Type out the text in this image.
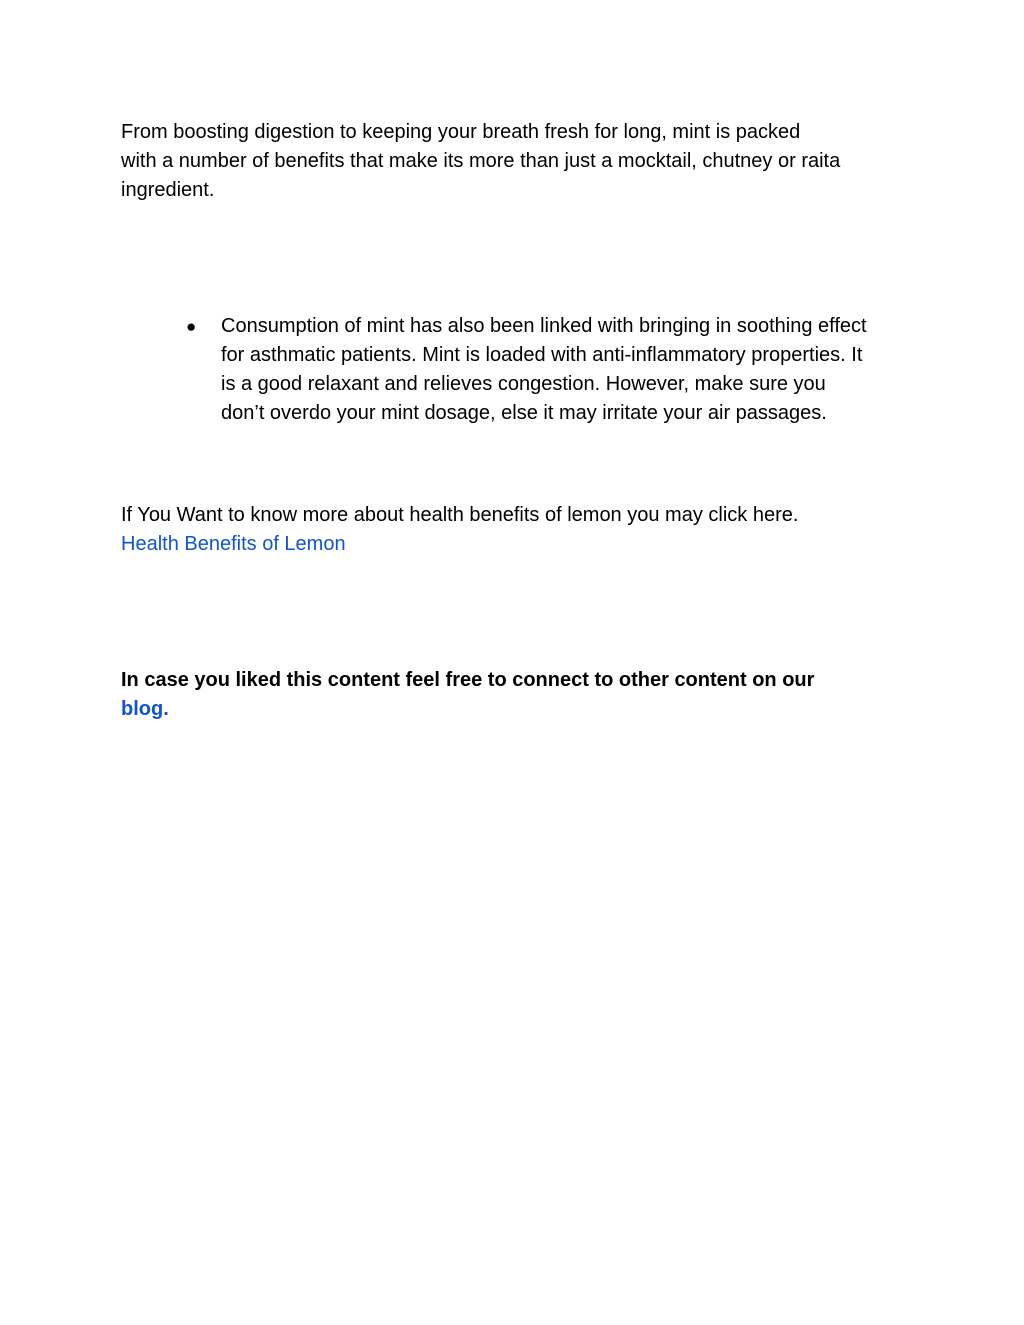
From boosting digestion to keeping your breath fresh for long, mint is packed
with a number of benefits that make its more than just a mocktail, chutney or raita
ingredient.

●	Consumption of mint has also been linked with bringing in soothing effect
for asthmatic patients. Mint is loaded with anti-inflammatory properties. It
is a good relaxant and relieves congestion. However, make sure you
don’t overdo your mint dosage, else it may irritate your air passages.

If You Want to know more about health benefits of lemon you may click here.
Health Benefits of Lemon

In case you liked this content feel free to connect to other content on our
blog.
